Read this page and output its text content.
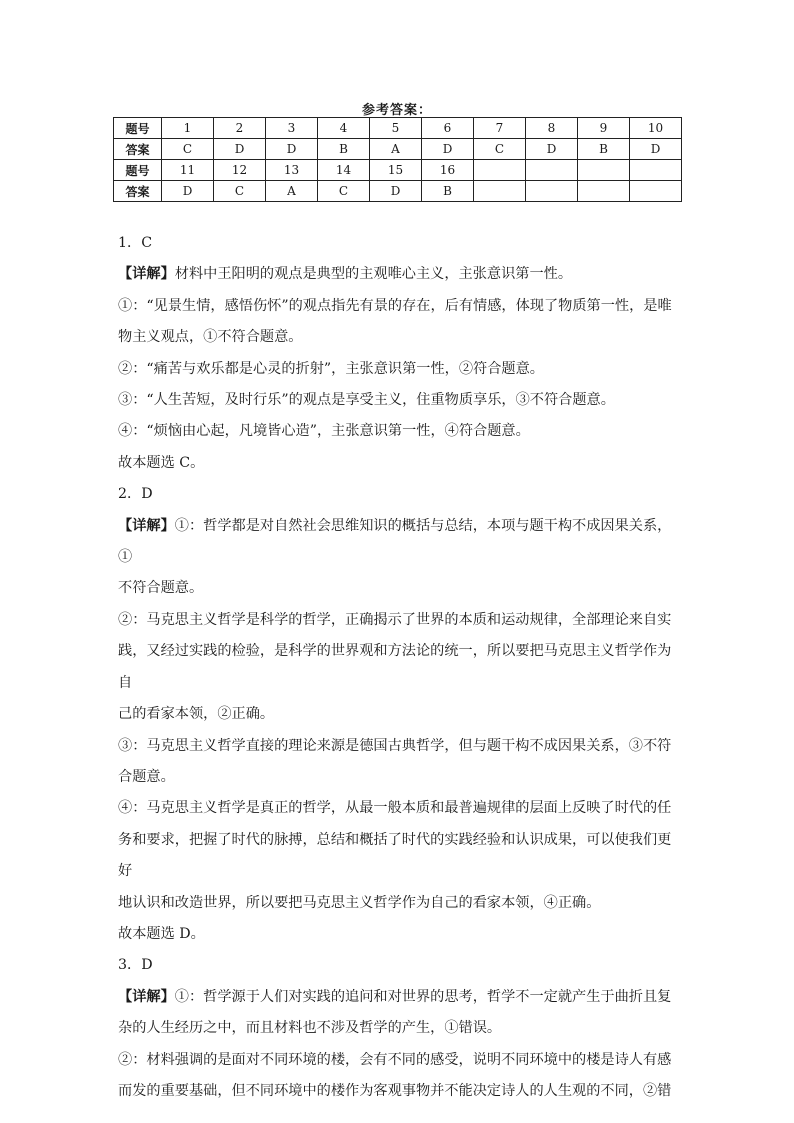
参考答案：
题号	1	2	3	4	5	6	7	8	9	10
答案	C	D	D	B	A	D	C	D	B	D
题号	11	12	13	14	15	16				
答案	D	C	A	C	D	B				

1．C

【详解】材料中王阳明的观点是典型的主观唯心主义，主张意识第一性。

①：“见景生情，感悟伤怀”的观点指先有景的存在，后有情感，体现了物质第一性，是唯

物主义观点，①不符合题意。

②：“痛苦与欢乐都是心灵的折射”，主张意识第一性，②符合题意。

③：“人生苦短，及时行乐”的观点是享受主义，住重物质享乐，③不符合题意。

④：“烦恼由心起，凡境皆心造”，主张意识第一性，④符合题意。

故本题选 C。

2．D

【详解】①：哲学都是对自然社会思维知识的概括与总结，本项与题干构不成因果关系，①

不符合题意。

②：马克思主义哲学是科学的哲学，正确揭示了世界的本质和运动规律，全部理论来自实

践，又经过实践的检验，是科学的世界观和方法论的统一，所以要把马克思主义哲学作为自

己的看家本领，②正确。

③：马克思主义哲学直接的理论来源是德国古典哲学，但与题干构不成因果关系，③不符

合题意。

④：马克思主义哲学是真正的哲学，从最一般本质和最普遍规律的层面上反映了时代的任

务和要求，把握了时代的脉搏，总结和概括了时代的实践经验和认识成果，可以使我们更好

地认识和改造世界，所以要把马克思主义哲学作为自己的看家本领，④正确。

故本题选 D。

3．D

【详解】①：哲学源于人们对实践的追问和对世界的思考，哲学不一定就产生于曲折且复

杂的人生经历之中，而且材料也不涉及哲学的产生，①错误。

②：材料强调的是面对不同环境的楼，会有不同的感受，说明不同环境中的楼是诗人有感

而发的重要基础，但不同环境中的楼作为客观事物并不能决定诗人的人生观的不同，②错
